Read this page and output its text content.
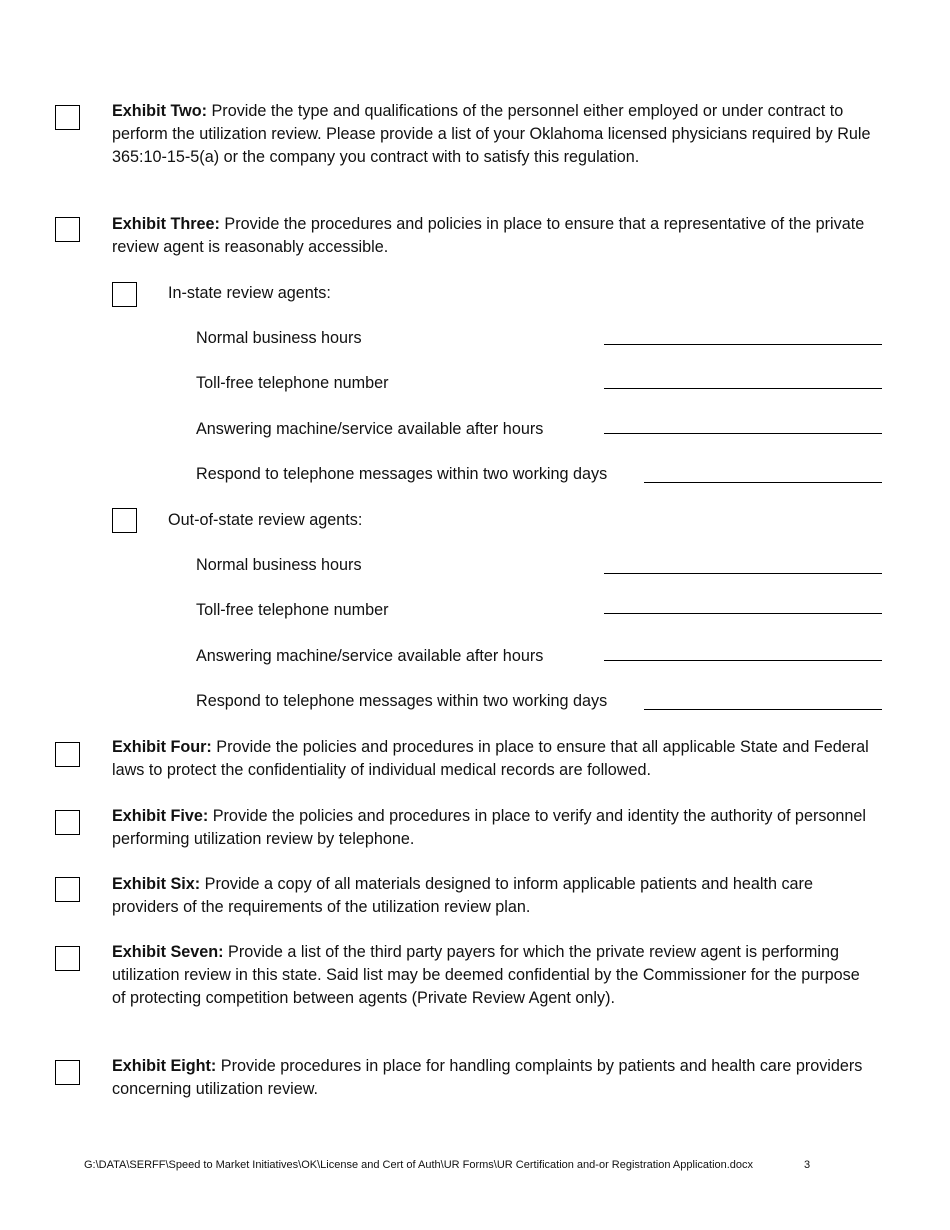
Exhibit Two: Provide the type and qualifications of the personnel either employed or under contract to perform the utilization review. Please provide a list of your Oklahoma licensed physicians required by Rule 365:10-15-5(a) or the company you contract with to satisfy this regulation.
Exhibit Three: Provide the procedures and policies in place to ensure that a representative of the private review agent is reasonably accessible.
In-state review agents:
Normal business hours
Toll-free telephone number
Answering machine/service available after hours
Respond to telephone messages within two working days
Out-of-state review agents:
Normal business hours
Toll-free telephone number
Answering machine/service available after hours
Respond to telephone messages within two working days
Exhibit Four: Provide the policies and procedures in place to ensure that all applicable State and Federal laws to protect the confidentiality of individual medical records are followed.
Exhibit Five: Provide the policies and procedures in place to verify and identity the authority of personnel performing utilization review by telephone.
Exhibit Six: Provide a copy of all materials designed to inform applicable patients and health care providers of the requirements of the utilization review plan.
Exhibit Seven: Provide a list of the third party payers for which the private review agent is performing utilization review in this state. Said list may be deemed confidential by the Commissioner for the purpose of protecting competition between agents (Private Review Agent only).
Exhibit Eight: Provide procedures in place for handling complaints by patients and health care providers concerning utilization review.
G:\DATA\SERFF\Speed to Market Initiatives\OK\License and Cert of Auth\UR Forms\UR Certification and-or Registration Application.docx	3
